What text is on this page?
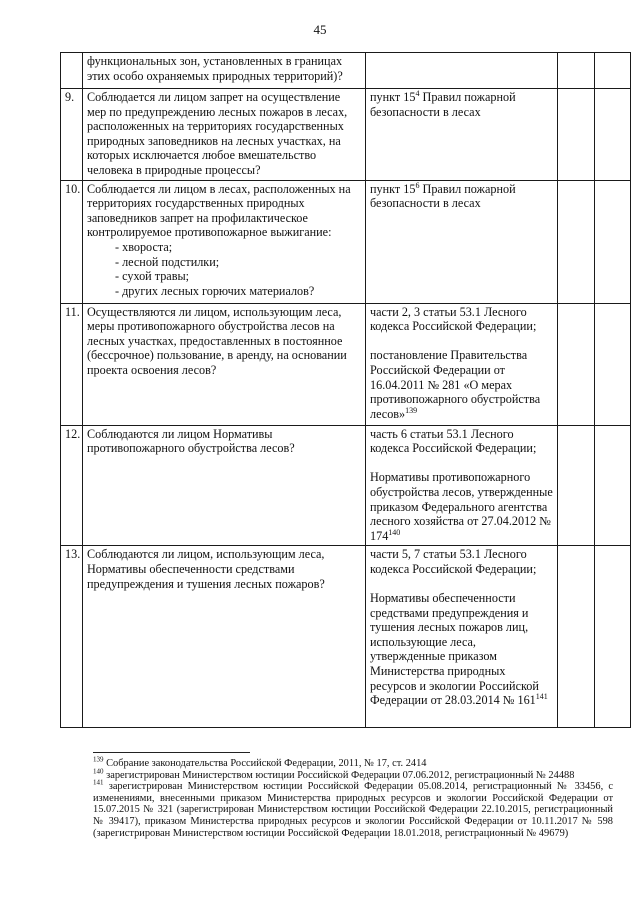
45
	функциональных зон, установленных в границах этих особо охраняемых природных территорий)?			
9.	Соблюдается ли лицом запрет на осуществление мер по предупреждению лесных пожаров в лесах, расположенных на территориях государственных природных заповедников на лесных участках, на которых исключается любое вмешательство человека в природные процессы?	пункт $15^4$ Правил пожарной безопасности в лесах		

10.	Соблюдается ли лицом в лесах, расположенных на территориях государственных природных заповедников запрет на профилактическое контролируемое противопожарное выжигание:
- хвороста;
- лесной подстилки;
- сухой травы;
- других лесных горючих материалов?	пункт $15^6$ Правил пожарной безопасности в лесах		

11.	Осуществляются ли лицом, использующим леса, меры противопожарного обустройства лесов на лесных участках, предоставленных в постоянное (бессрочное) пользование, в аренду, на основании проекта освоения лесов?	части 2, 3 статьи 53.1 Лесного кодекса Российской Федерации;
постановление Правительства Российской Федерации от 16.04.2011 № 281 «О мерах противопожарного обустройства лесов»$^{139}$

12.	Соблюдаются ли лицом Нормативы противопожарного обустройства лесов?	часть 6 статьи 53.1 Лесного кодекса Российской Федерации;
Нормативы противопожарного обустройства лесов, утвержденные приказом Федерального агентства лесного хозяйства от 27.04.2012 № $174^{140}$

13.	Соблюдаются ли лицом, использующим леса, Нормативы обеспеченности средствами предупреждения и тушения лесных пожаров?	части 5, 7 статьи 53.1 Лесного кодекса Российской Федерации;
Нормативы обеспеченности средствами предупреждения и тушения лесных пожаров лиц, использующие леса, утвержденные приказом Министерства природных ресурсов и экологии Российской Федерации от 28.03.2014 № $161^{141}$

$^{139}$ Собрание законодательства Российской Федерации, 2011, № 17, ст. 2414
$^{140}$ зарегистрирован Министерством юстиции Российской Федерации 07.06.2012, регистрационный № 24488
$^{141}$ зарегистрирован Министерством юстиции Российской Федерации 05.08.2014, регистрационный № 33456, с изменениями, внесенными приказом Министерства природных ресурсов и экологии Российской Федерации от 15.07.2015 № 321 (зарегистрирован Министерством юстиции Российской Федерации 22.10.2015, регистрационный № 39417), приказом Министерства природных ресурсов и экологии Российской Федерации от 10.11.2017 № 598 (зарегистрирован Министерством юстиции Российской Федерации 18.01.2018, регистрационный № 49679)
